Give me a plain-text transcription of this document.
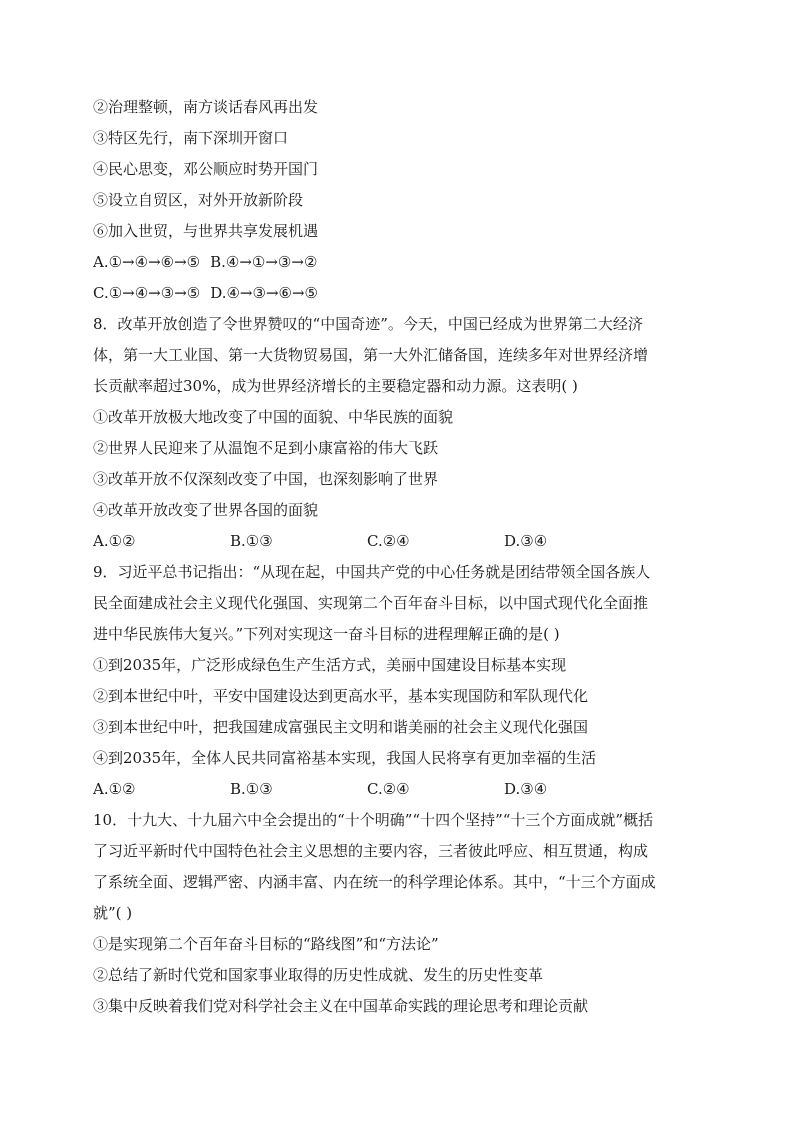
②治理整顿，南方谈话春风再出发
③特区先行，南下深圳开窗口
④民心思变，邓公顺应时势开国门
⑤设立自贸区，对外开放新阶段
⑥加入世贸，与世界共享发展机遇
A.①→④→⑥→⑤ B.④→①→③→②
C.①→④→③→⑤ D.④→③→⑥→⑤
8．改革开放创造了令世界赞叹的“中国奇迹”。今天，中国已经成为世界第二大经济
体，第一大工业国、第一大货物贸易国，第一大外汇储备国，连续多年对世界经济增
长贡献率超过30%，成为世界经济增长的主要稳定器和动力源。这表明( )
①改革开放极大地改变了中国的面貌、中华民族的面貌
②世界人民迎来了从温饱不足到小康富裕的伟大飞跃
③改革开放不仅深刻改变了中国，也深刻影响了世界
④改革开放改变了世界各国的面貌
A.①②	B.①③	C.②④	D.③④
9．习近平总书记指出：“从现在起，中国共产党的中心任务就是团结带领全国各族人
民全面建成社会主义现代化强国、实现第二个百年奋斗目标，以中国式现代化全面推
进中华民族伟大复兴。”下列对实现这一奋斗目标的进程理解正确的是( )
①到2035年，广泛形成绿色生产生活方式，美丽中国建设目标基本实现
②到本世纪中叶，平安中国建设达到更高水平，基本实现国防和军队现代化
③到本世纪中叶，把我国建成富强民主文明和谐美丽的社会主义现代化强国
④到2035年，全体人民共同富裕基本实现，我国人民将享有更加幸福的生活
A.①②	B.①③	C.②④	D.③④
10．十九大、十九届六中全会提出的“十个明确”“十四个坚持”“十三个方面成就”概括
了习近平新时代中国特色社会主义思想的主要内容，三者彼此呼应、相互贯通，构成
了系统全面、逻辑严密、内涵丰富、内在统一的科学理论体系。其中，“十三个方面成
就”( )
①是实现第二个百年奋斗目标的“路线图”和“方法论”
②总结了新时代党和国家事业取得的历史性成就、发生的历史性变革
③集中反映着我们党对科学社会主义在中国革命实践的理论思考和理论贡献
